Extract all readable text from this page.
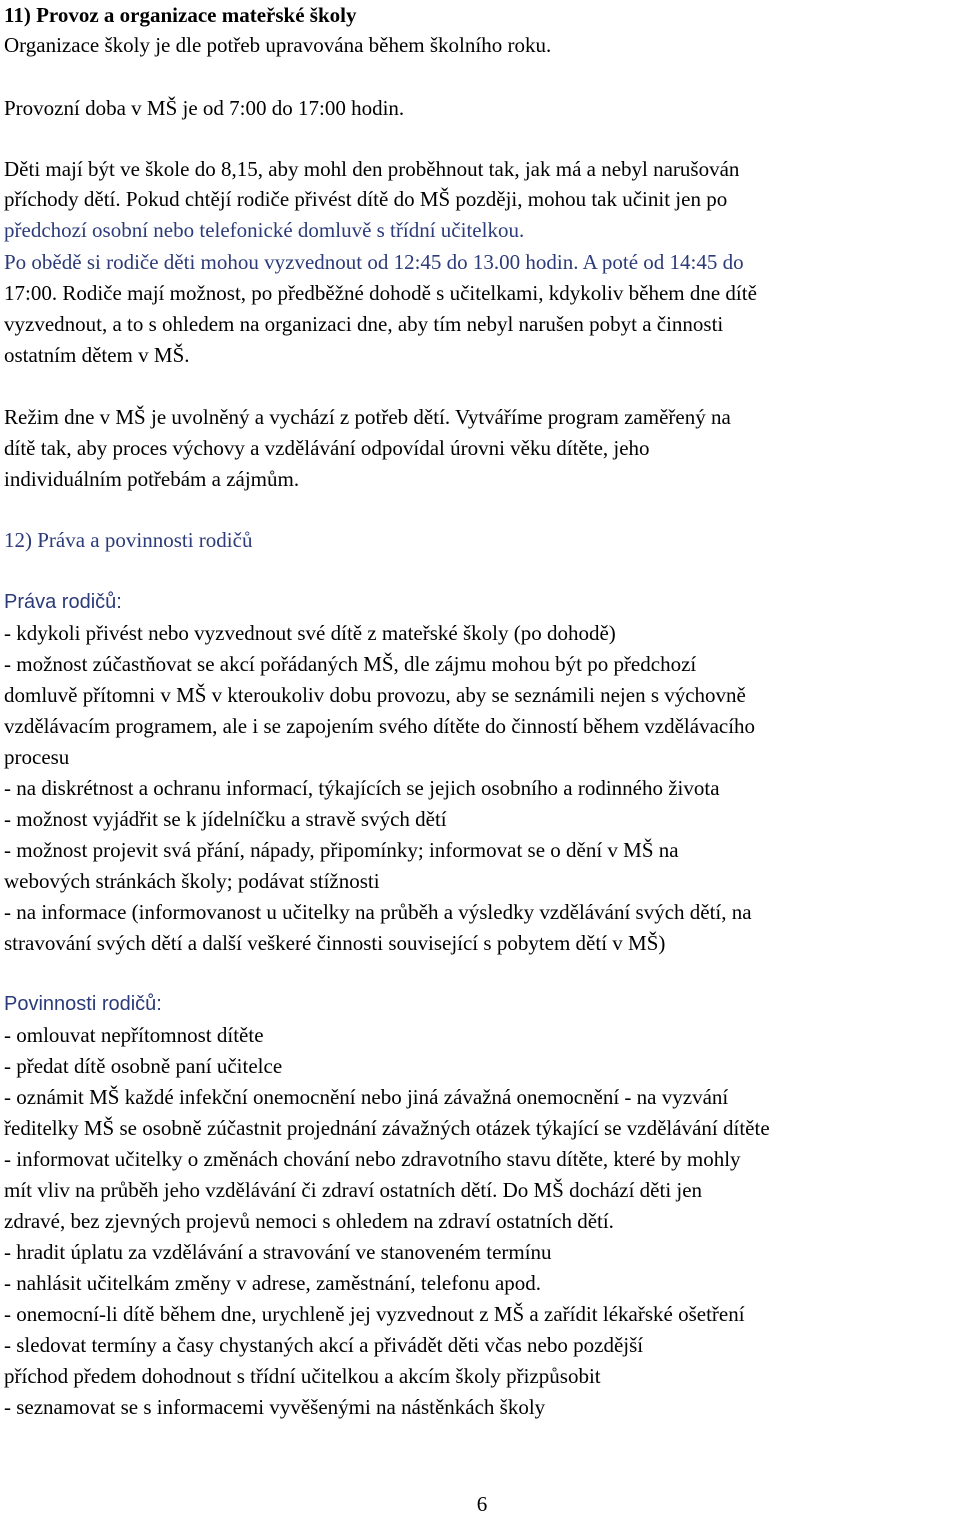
11) Provoz a organizace mateřské školy
Organizace školy je dle potřeb upravována během školního roku.
Provozní doba v MŠ je od 7:00 do 17:00 hodin.
Děti mají být ve škole do 8,15, aby mohl den proběhnout tak, jak má a nebyl narušován
příchody dětí. Pokud chtějí rodiče přivést dítě do MŠ později, mohou tak učinit jen po
předchozí osobní nebo telefonické domluvě s třídní učitelkou.
Po obědě si rodiče děti mohou vyzvednout od 12:45 do 13.00 hodin. A poté od 14:45 do
17:00. Rodiče mají možnost, po předběžné dohodě s učitelkami, kdykoliv během dne dítě
vyzvednout, a to s ohledem na organizaci dne, aby tím nebyl narušen pobyt a činnosti
ostatním dětem v MŠ.
Režim dne v MŠ je uvolněný a vychází z potřeb dětí. Vytváříme program zaměřený na
dítě tak, aby proces výchovy a vzdělávání odpovídal úrovni věku dítěte, jeho
individuálním potřebám a zájmům.
12) Práva a povinnosti rodičů
Práva rodičů:
- kdykoli přivést nebo vyzvednout své dítě z mateřské školy (po dohodě)
- možnost zúčastňovat se akcí pořádaných MŠ, dle zájmu mohou být po předchozí
domluvě přítomni v MŠ v kteroukoliv dobu provozu, aby se seznámili nejen s výchovně
vzdělávacím programem, ale i se zapojením svého dítěte do činností během vzdělávacího
procesu
- na diskrétnost a ochranu informací, týkajících se jejich osobního a rodinného života
- možnost vyjádřit se k jídelníčku a stravě svých dětí
- možnost projevit svá přání, nápady, připomínky; informovat se o dění v MŠ na
webových stránkách školy; podávat stížnosti
- na informace (informovanost u učitelky na průběh a výsledky vzdělávání svých dětí, na
stravování svých dětí a další veškeré činnosti související s pobytem dětí v MŠ)
Povinnosti rodičů:
- omlouvat nepřítomnost dítěte
- předat dítě osobně paní učitelce
- oznámit MŠ každé infekční onemocnění nebo jiná závažná onemocnění - na vyzvání
ředitelky MŠ se osobně zúčastnit projednání závažných otázek týkající se vzdělávání dítěte
- informovat učitelky o změnách chování nebo zdravotního stavu dítěte, které by mohly
mít vliv na průběh jeho vzdělávání či zdraví ostatních dětí. Do MŠ dochází děti jen
zdravé, bez zjevných projevů nemoci s ohledem na zdraví ostatních dětí.
- hradit úplatu za vzdělávání a stravování ve stanoveném termínu
- nahlásit učitelkám změny v adrese, zaměstnání, telefonu apod.
- onemocní-li dítě během dne, urychleně jej vyzvednout z MŠ a zařídit lékařské ošetření
- sledovat termíny a časy chystaných akcí a přivádět děti včas nebo pozdější
příchod předem dohodnout s třídní učitelkou a akcím školy přizpůsobit
- seznamovat se s informacemi vyvěšenými na nástěnkách školy
6
